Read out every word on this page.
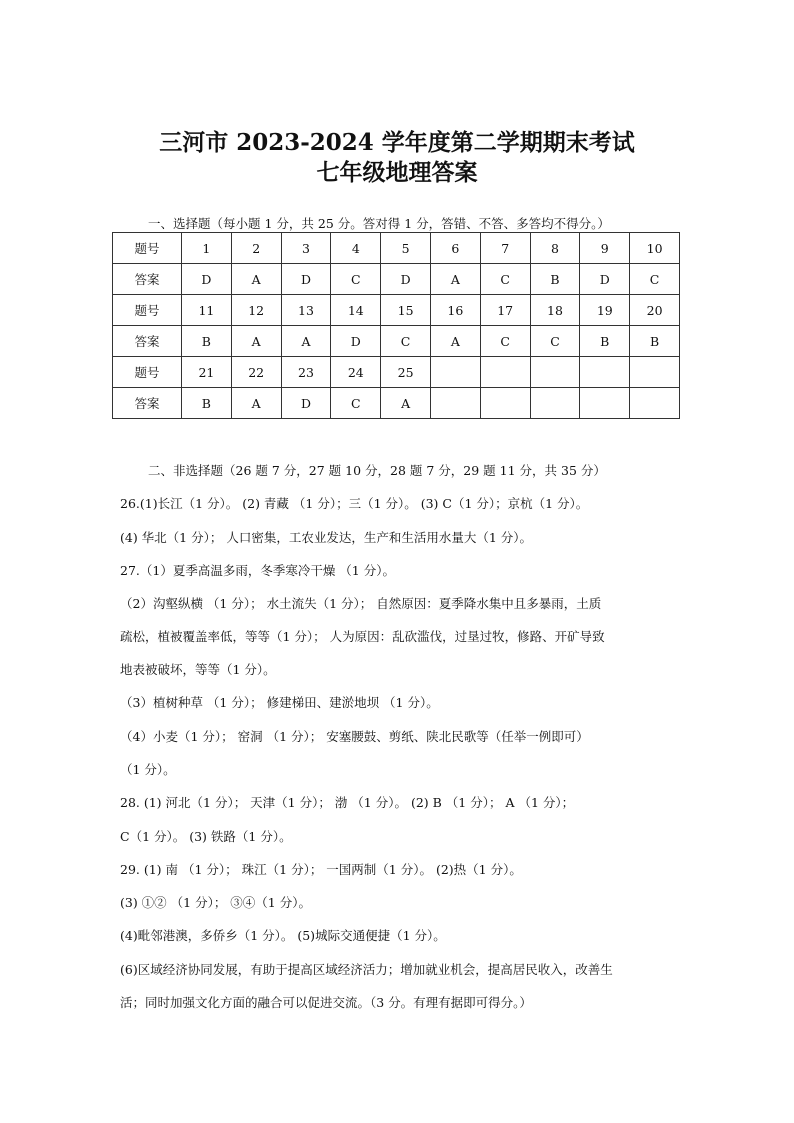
三河市 2023-2024 学年度第二学期期末考试
七年级地理答案
一、选择题（每小题 1 分，共 25 分。答对得 1 分，答错、不答、多答均不得分。）
题号	1	2	3	4	5	6	7	8	9	10
答案	D	A	D	C	D	A	C	B	D	C
题号	11	12	13	14	15	16	17	18	19	20
答案	B	A	A	D	C	A	C	C	B	B
题号	21	22	23	24	25					
答案	B	A	D	C	A					
二、非选择题（26 题 7 分，27 题 10 分，28 题 7 分，29 题 11 分，共 35 分）
26.(1)长江（1 分）。 (2) 青藏 （1 分）；三（1 分）。 (3) C（1 分）；京杭（1 分）。
(4) 华北（1 分）； 人口密集，工农业发达，生产和生活用水量大（1 分）。
27.（1）夏季高温多雨，冬季寒冷干燥 （1 分）。
（2）沟壑纵横 （1 分）； 水土流失（1 分）； 自然原因：夏季降水集中且多暴雨，土质
疏松，植被覆盖率低，等等（1 分）； 人为原因：乱砍滥伐，过垦过牧，修路、开矿导致
地表被破坏，等等（1 分）。
（3）植树种草 （1 分）； 修建梯田、建淤地坝 （1 分）。
（4）小麦（1 分）； 窑洞 （1 分）； 安塞腰鼓、剪纸、陕北民歌等（任举一例即可）
（1 分）。
28. (1) 河北（1 分）； 天津（1 分）； 渤 （1 分）。 (2) B （1 分）； A （1 分）；
C（1 分）。 (3) 铁路（1 分）。
29. (1) 南 （1 分）； 珠江（1 分）； 一国两制（1 分）。 (2)热（1 分）。
(3) ①② （1 分）； ③④（1 分）。
(4)毗邻港澳，多侨乡（1 分）。 (5)城际交通便捷（1 分）。
(6)区域经济协同发展，有助于提高区域经济活力；增加就业机会，提高居民收入，改善生
活；同时加强文化方面的融合可以促进交流。（3 分。有理有据即可得分。）
